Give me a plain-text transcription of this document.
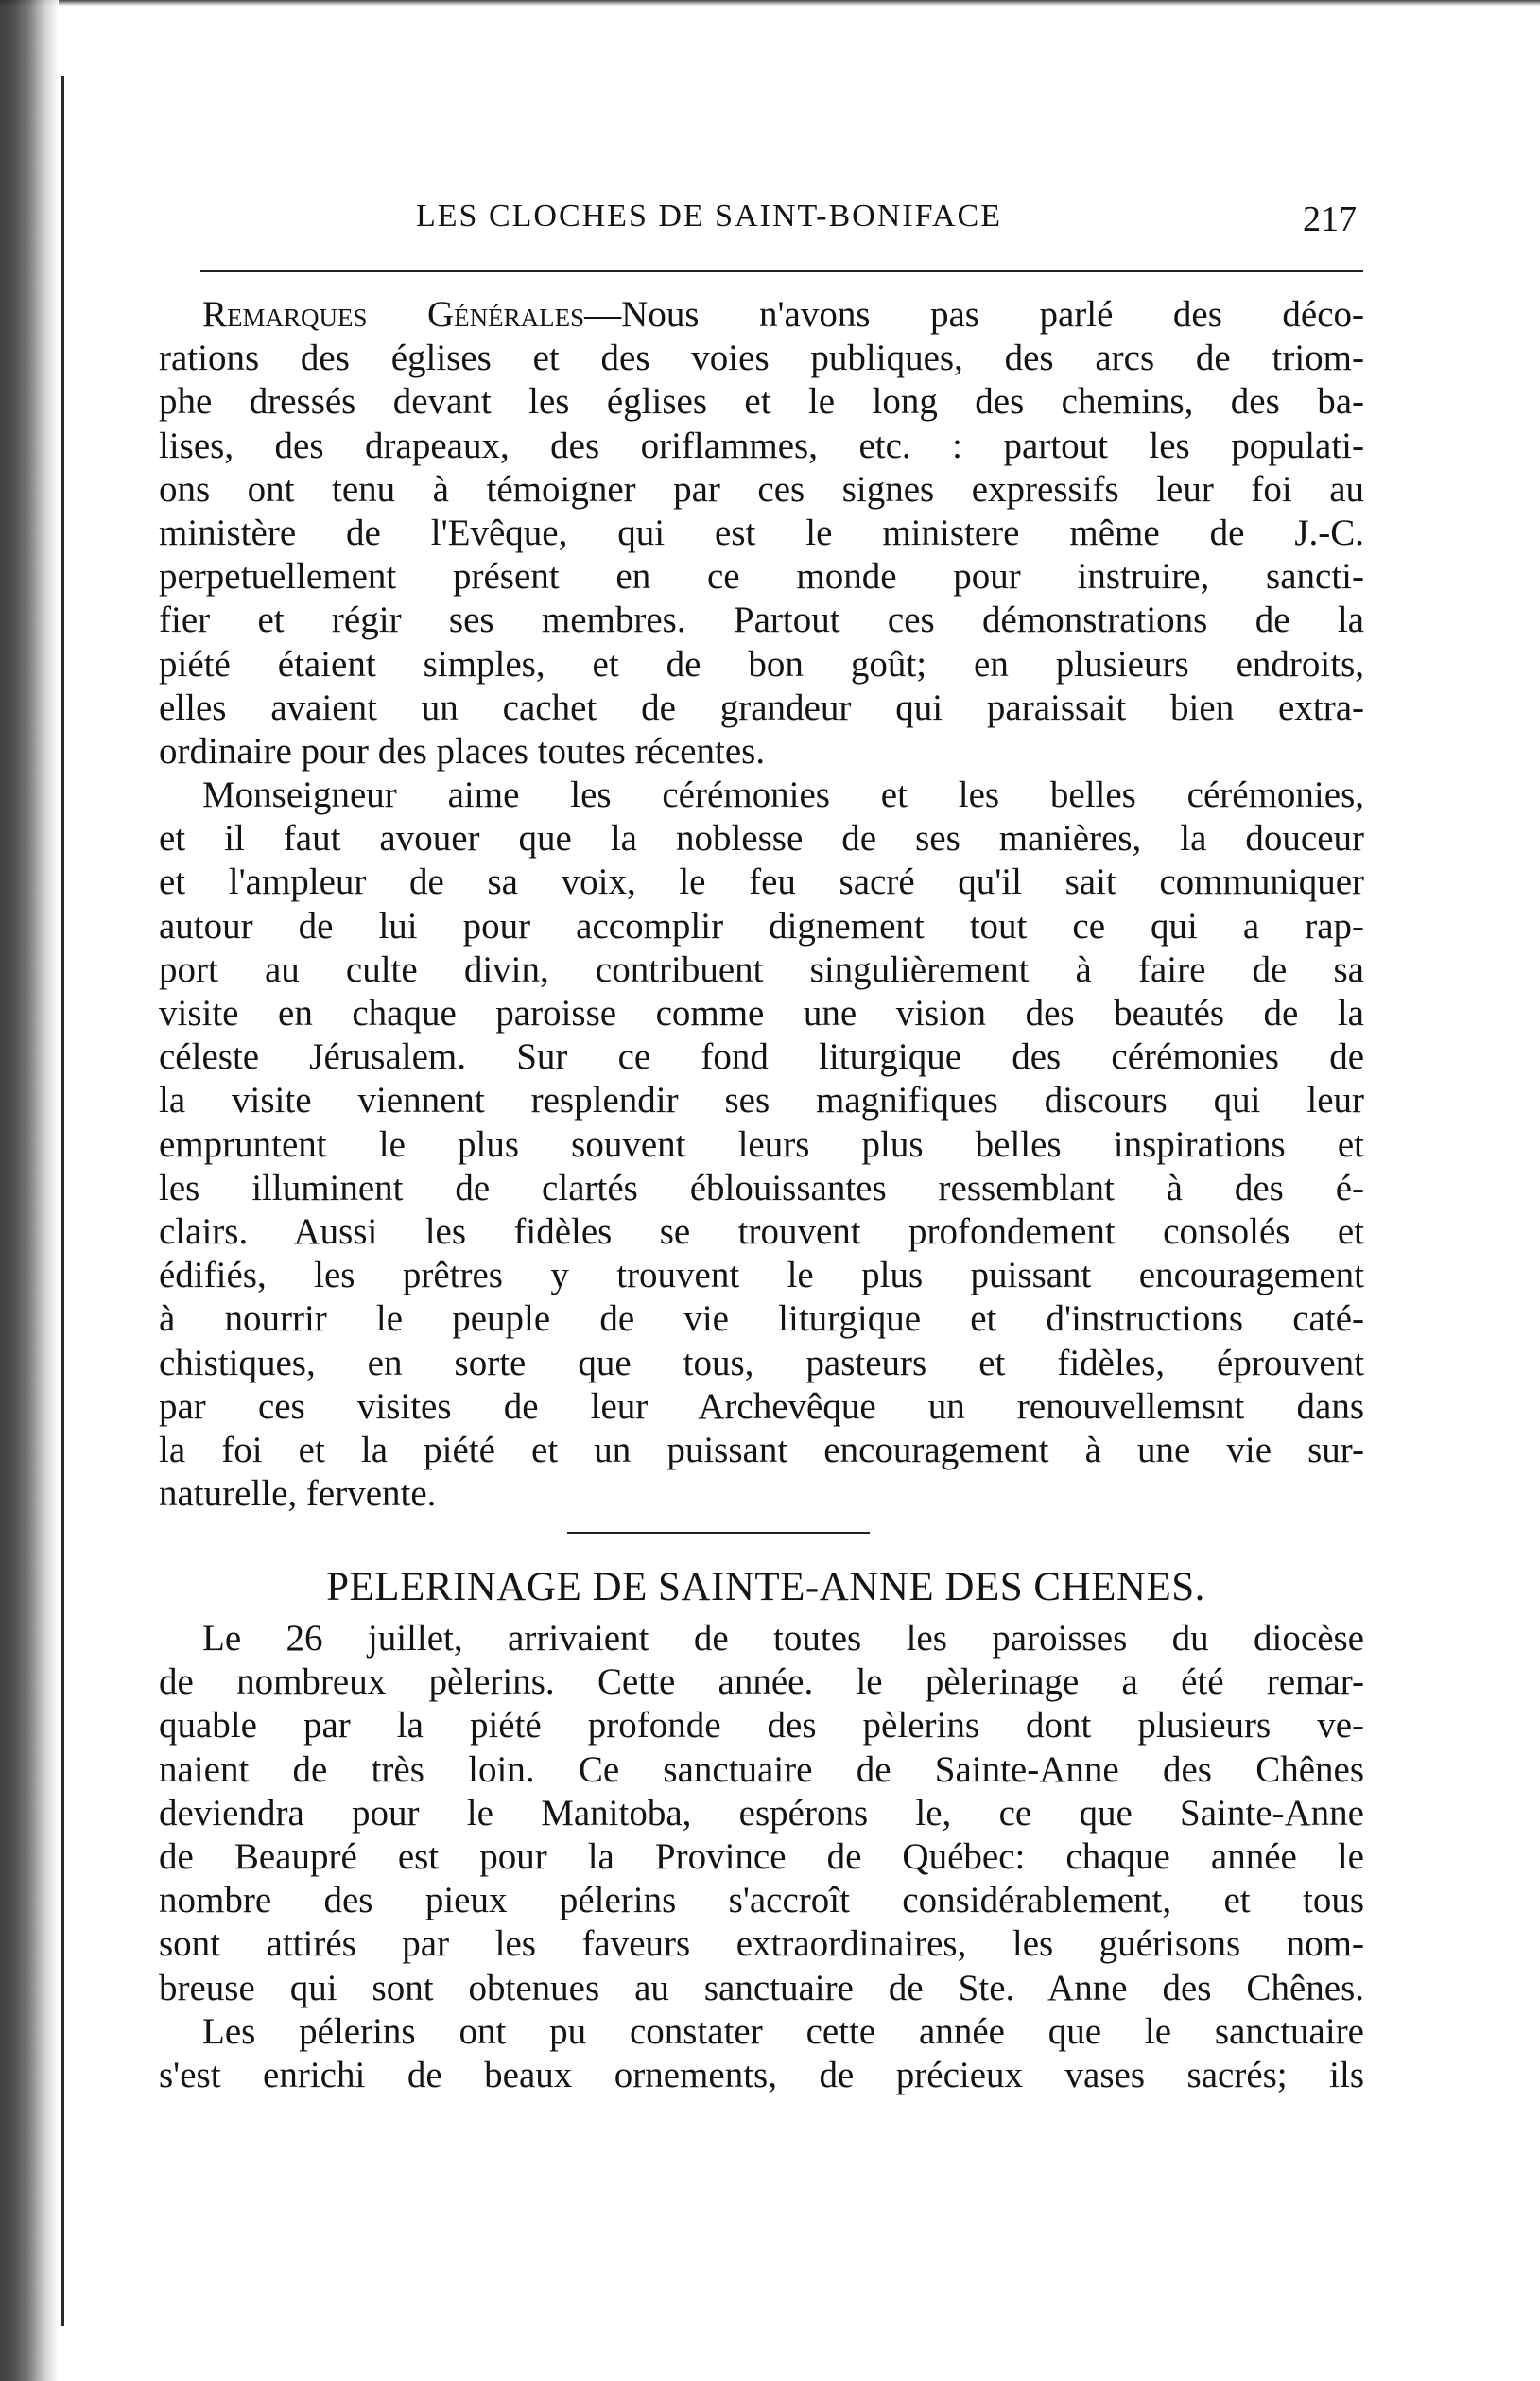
LES CLOCHES DE SAINT-BONIFACE	217
Remarques Générales—Nous n'avons pas parlé des déco-
rations des églises et des voies publiques, des arcs de triom-
phe dressés devant les églises et le long des chemins, des ba-
lises, des drapeaux, des oriflammes, etc. : partout les populati-
ons ont tenu à témoigner par ces signes expressifs leur foi au
ministère de l'Evêque, qui est le ministere même de J.-C.
perpetuellement présent en ce monde pour instruire, sancti-
fier et régir ses membres. Partout ces démonstrations de la
piété étaient simples, et de bon goût; en plusieurs endroits,
elles avaient un cachet de grandeur qui paraissait bien extra-
ordinaire pour des places toutes récentes.
Monseigneur aime les cérémonies et les belles cérémonies,
et il faut avouer que la noblesse de ses manières, la douceur
et l'ampleur de sa voix, le feu sacré qu'il sait communiquer
autour de lui pour accomplir dignement tout ce qui a rap-
port au culte divin, contribuent singulièrement à faire de sa
visite en chaque paroisse comme une vision des beautés de la
céleste Jérusalem. Sur ce fond liturgique des cérémonies de
la visite viennent resplendir ses magnifiques discours qui leur
empruntent le plus souvent leurs plus belles inspirations et
les illuminent de clartés éblouissantes ressemblant à des é-
clairs. Aussi les fidèles se trouvent profondement consolés et
édifiés, les prêtres y trouvent le plus puissant encouragement
à nourrir le peuple de vie liturgique et d'instructions caté-
chistiques, en sorte que tous, pasteurs et fidèles, éprouvent
par ces visites de leur Archevêque un renouvellemsnt dans
la foi et la piété et un puissant encouragement à une vie sur-
naturelle, fervente.
PELERINAGE DE SAINTE-ANNE DES CHENES.
Le 26 juillet, arrivaient de toutes les paroisses du diocèse
de nombreux pèlerins. Cette année. le pèlerinage a été remar-
quable par la piété profonde des pèlerins dont plusieurs ve-
naient de très loin. Ce sanctuaire de Sainte-Anne des Chênes
deviendra pour le Manitoba, espérons le, ce que Sainte-Anne
de Beaupré est pour la Province de Québec: chaque année le
nombre des pieux pélerins s'accroît considérablement, et tous
sont attirés par les faveurs extraordinaires, les guérisons nom-
breuse qui sont obtenues au sanctuaire de Ste. Anne des Chênes.
Les pélerins ont pu constater cette année que le sanctuaire
s'est enrichi de beaux ornements, de précieux vases sacrés; ils
